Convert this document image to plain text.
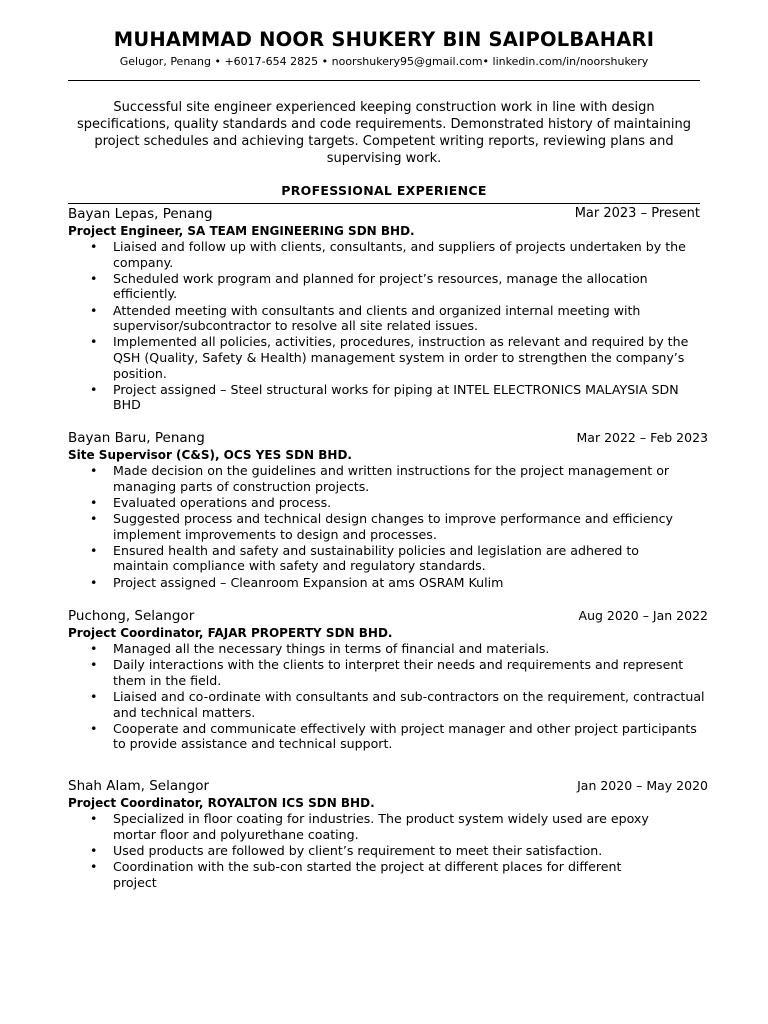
MUHAMMAD NOOR SHUKERY BIN SAIPOLBAHARI
Gelugor, Penang • +6017-654 2825 • noorshukery95@gmail.com• linkedin.com/in/noorshukery
Successful site engineer experienced keeping construction work in line with design specifications, quality standards and code requirements. Demonstrated history of maintaining project schedules and achieving targets. Competent writing reports, reviewing plans and supervising work.
PROFESSIONAL EXPERIENCE
Bayan Lepas, Penang	Mar 2023 – Present
Project Engineer, SA TEAM ENGINEERING SDN BHD.
• Liaised and follow up with clients, consultants, and suppliers of projects undertaken by the company.
• Scheduled work program and planned for project’s resources, manage the allocation efficiently.
• Attended meeting with consultants and clients and organized internal meeting with supervisor/subcontractor to resolve all site related issues.
• Implemented all policies, activities, procedures, instruction as relevant and required by the QSH (Quality, Safety & Health) management system in order to strengthen the company’s position.
• Project assigned – Steel structural works for piping at INTEL ELECTRONICS MALAYSIA SDN BHD
Bayan Baru, Penang	Mar 2022 – Feb 2023
Site Supervisor (C&S), OCS YES SDN BHD.
• Made decision on the guidelines and written instructions for the project management or managing parts of construction projects.
• Evaluated operations and process.
• Suggested process and technical design changes to improve performance and efficiency implement improvements to design and processes.
• Ensured health and safety and sustainability policies and legislation are adhered to maintain compliance with safety and regulatory standards.
• Project assigned – Cleanroom Expansion at ams OSRAM Kulim
Puchong, Selangor	Aug 2020 – Jan 2022
Project Coordinator, FAJAR PROPERTY SDN BHD.
• Managed all the necessary things in terms of financial and materials.
• Daily interactions with the clients to interpret their needs and requirements and represent them in the field.
• Liaised and co-ordinate with consultants and sub-contractors on the requirement, contractual and technical matters.
• Cooperate and communicate effectively with project manager and other project participants to provide assistance and technical support.
Shah Alam, Selangor	Jan 2020 – May 2020
Project Coordinator, ROYALTON ICS SDN BHD.
• Specialized in floor coating for industries. The product system widely used are epoxy mortar floor and polyurethane coating.
• Used products are followed by client’s requirement to meet their satisfaction.
• Coordination with the sub-con started the project at different places for different project
